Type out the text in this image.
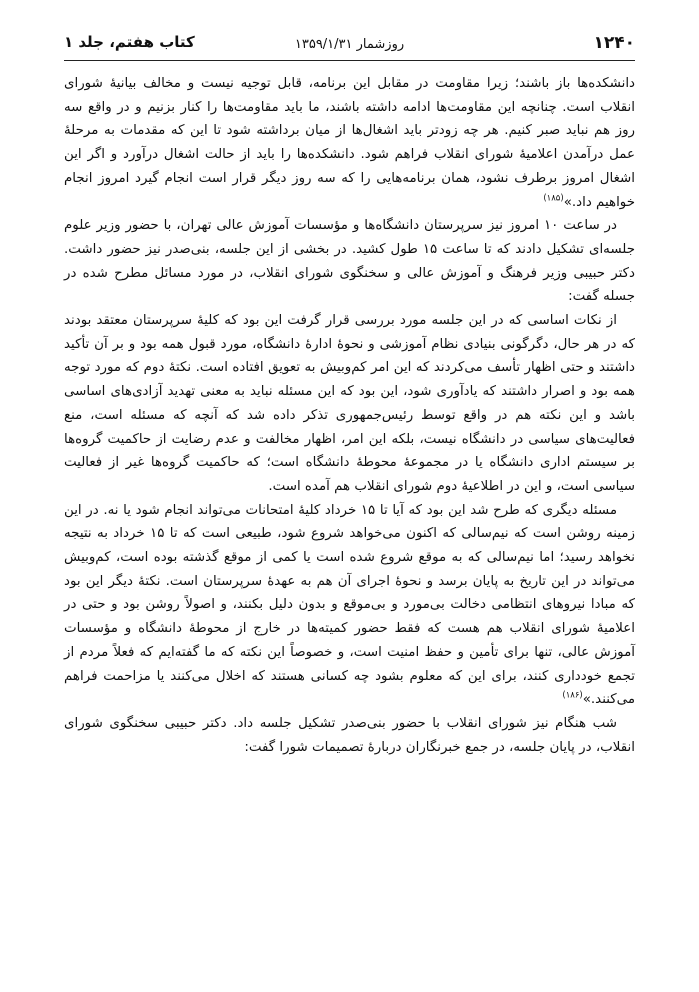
کتاب هفتم، جلد ۱	روزشمار ۱۳۵۹/۱/۳۱	۱۲۴۰

دانشکده‌ها باز باشند؛ زیرا مقاومت در مقابل این برنامه، قابل توجیه نیست و مخالف بیانیهٔ شورای انقلاب است. چنانچه این مقاومت‌ها ادامه داشته باشند، ما باید مقاومت‌ها را کنار بزنیم و در واقع سه روز هم نباید صبر کنیم. هر چه زودتر باید اشغال‌ها از میان برداشته شود تا این که مقدمات به مرحلهٔ عمل درآمدن اعلامیهٔ شورای انقلاب فراهم شود. دانشکده‌ها را باید از حالت اشغال درآورد و اگر این اشغال امروز برطرف نشود، همان برنامه‌هایی را که سه روز دیگر قرار است انجام گیرد امروز انجام خواهیم داد.»$^{(۱۸۵)}$

در ساعت ۱۰ امروز نیز سرپرستان دانشگاه‌ها و مؤسسات آموزش عالی تهران، با حضور وزیر علوم جلسه‌ای تشکیل دادند که تا ساعت ۱۵ طول کشید. در بخشی از این جلسه، بنی‌صدر نیز حضور داشت. دکتر حبیبی وزیر فرهنگ و آموزش عالی و سخنگوی شورای انقلاب، در مورد مسائل مطرح شده در جسله گفت:

از نکات اساسی که در این جلسه مورد بررسی قرار گرفت این بود که کلیهٔ سرپرستان معتقد بودند که در هر حال، دگرگونی بنیادی نظام آموزشی و نحوهٔ ادارهٔ دانشگاه، مورد قبول همه بود و بر آن تأکید داشتند و حتی اظهار تأسف می‌کردند که این امر کم‌وبیش به تعویق افتاده است. نکتهٔ دوم که مورد توجه همه بود و اصرار داشتند که یادآوری شود، این بود که این مسئله نباید به معنی تهدید آزادی‌های اساسی باشد و این نکته هم در واقع توسط رئیس‌جمهوری تذکر داده شد که آنچه که مسئله است، منع فعالیت‌های سیاسی در دانشگاه نیست، بلکه این امر، اظهار مخالفت و عدم رضایت از حاکمیت گروه‌ها بر سیستم اداری دانشگاه یا در مجموعهٔ محوطهٔ دانشگاه است؛ که حاکمیت گروه‌ها غیر از فعالیت سیاسی است، و این در اطلاعیهٔ دوم شورای انقلاب هم آمده است.

مسئله دیگری که طرح شد این بود که آیا تا ۱۵ خرداد کلیهٔ امتحانات می‌تواند انجام شود یا نه. در این زمینه روشن است که نیم‌سالی که اکنون می‌خواهد شروع شود، طبیعی است که تا ۱۵ خرداد به نتیجه نخواهد رسید؛ اما نیم‌سالی که به موقع شروع شده است یا کمی از موقع گذشته بوده است، کم‌وبیش می‌تواند در این تاریخ به پایان برسد و نحوهٔ اجرای آن هم به عهدهٔ سرپرستان است. نکتهٔ دیگر این بود که مبادا نیروهای انتظامی دخالت بی‌مورد و بی‌موقع و بدون دلیل بکنند، و اصولاً روشن بود و حتی در اعلامیهٔ شورای انقلاب هم هست که فقط حضور کمیته‌ها در خارج از محوطهٔ دانشگاه و مؤسسات آموزش عالی، تنها برای تأمین و حفظ امنیت است، و خصوصاً این نکته که ما گفته‌ایم که فعلاً مردم از تجمع خودداری کنند، برای این که معلوم بشود چه کسانی هستند که اخلال می‌کنند یا مزاحمت فراهم می‌کنند.»$^{(۱۸۶)}$

شب هنگام نیز شورای انقلاب با حضور بنی‌صدر تشکیل جلسه داد. دکتر حبیبی سخنگوی شورای انقلاب، در پایان جلسه، در جمع خبرنگاران دربارهٔ تصمیمات شورا گفت:
